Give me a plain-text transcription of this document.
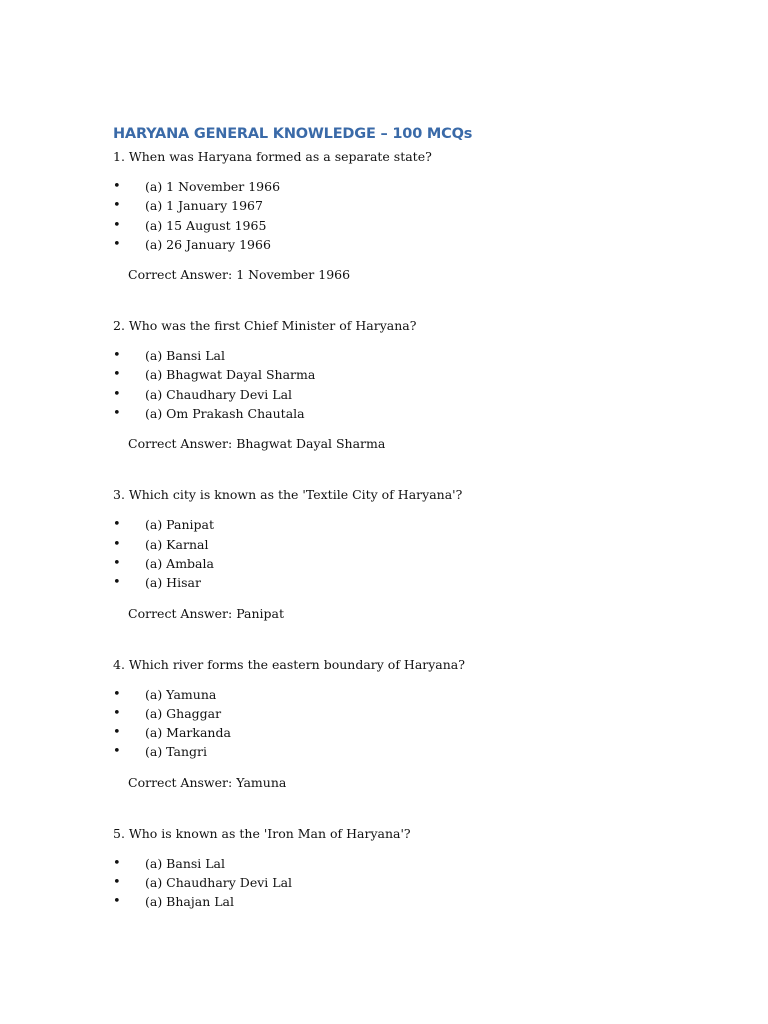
HARYANA GENERAL KNOWLEDGE – 100 MCQs
1. When was Haryana formed as a separate state?
• (a) 1 November 1966
• (a) 1 January 1967
• (a) 15 August 1965
• (a) 26 January 1966
Correct Answer: 1 November 1966
2. Who was the first Chief Minister of Haryana?
• (a) Bansi Lal
• (a) Bhagwat Dayal Sharma
• (a) Chaudhary Devi Lal
• (a) Om Prakash Chautala
Correct Answer: Bhagwat Dayal Sharma
3. Which city is known as the 'Textile City of Haryana'?
• (a) Panipat
• (a) Karnal
• (a) Ambala
• (a) Hisar
Correct Answer: Panipat
4. Which river forms the eastern boundary of Haryana?
• (a) Yamuna
• (a) Ghaggar
• (a) Markanda
• (a) Tangri
Correct Answer: Yamuna
5. Who is known as the 'Iron Man of Haryana'?
• (a) Bansi Lal
• (a) Chaudhary Devi Lal
• (a) Bhajan Lal
